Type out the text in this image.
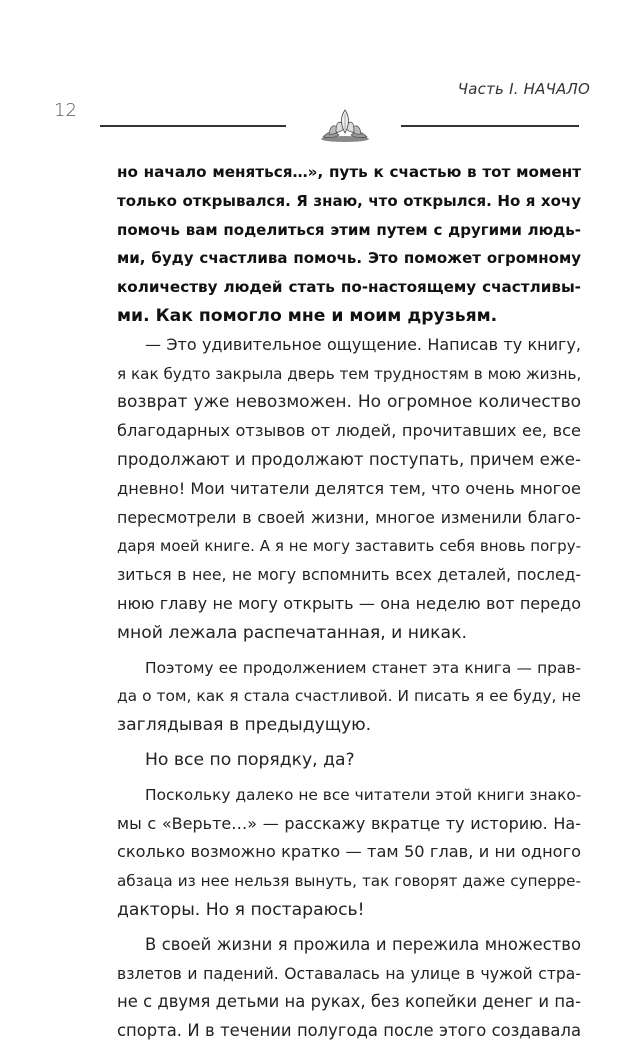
Часть I. НАЧАЛО
12
но начало меняться…», путь к счастью в тот момент
только открывался. Я знаю, что открылся. Но я хочу
помочь вам поделиться этим путем с другими людь-
ми, буду счастлива помочь. Это поможет огромному
количеству людей стать по-настоящему счастливы-
ми. Как помогло мне и моим друзьям.
— Это удивительное ощущение. Написав ту книгу,
я как будто закрыла дверь тем трудностям в мою жизнь,
возврат уже невозможен. Но огромное количество
благодарных отзывов от людей, прочитавших ее, все
продолжают и продолжают поступать, причем еже-
дневно! Мои читатели делятся тем, что очень многое
пересмотрели в своей жизни, многое изменили благо-
даря моей книге. А я не могу заставить себя вновь погру-
зиться в нее, не могу вспомнить всех деталей, послед-
нюю главу не могу открыть — она неделю вот передо
мной лежала распечатанная, и никак.
Поэтому ее продолжением станет эта книга — прав-
да о том, как я стала счастливой. И писать я ее буду, не
заглядывая в предыдущую.
Но все по порядку, да?
Поскольку далеко не все читатели этой книги знако-
мы с «Верьте…» — расскажу вкратце ту историю. На-
сколько возможно кратко — там 50 глав, и ни одного
абзаца из нее нельзя вынуть, так говорят даже суперре-
дакторы. Но я постараюсь!
В своей жизни я прожила и пережила множество
взлетов и падений. Оставалась на улице в чужой стра-
не с двумя детьми на руках, без копейки денег и па-
спорта. И в течении полугода после этого создавала
